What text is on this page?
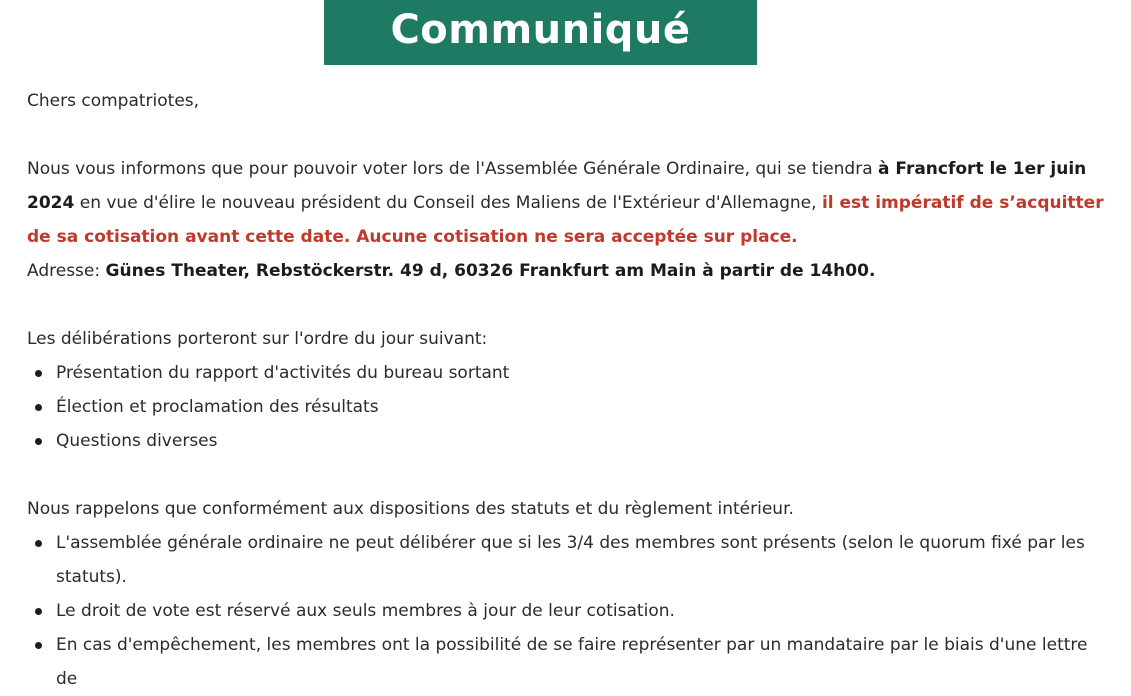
Communiqué

Chers compatriotes,

Nous vous informons que pour pouvoir voter lors de l'Assemblée Générale Ordinaire, qui se tiendra à Francfort le 1er juin 2024 en vue d'élire le nouveau président du Conseil des Maliens de l'Extérieur d'Allemagne, il est impératif de s’acquitter de sa cotisation avant cette date. Aucune cotisation ne sera acceptée sur place.

Adresse: Günes Theater, Rebstöckerstr. 49 d, 60326 Frankfurt am Main à partir de 14h00.

Les délibérations porteront sur l'ordre du jour suivant:

Présentation du rapport d'activités du bureau sortant
Élection et proclamation des résultats
Questions diverses

Nous rappelons que conformément aux dispositions des statuts et du règlement intérieur.

L'assemblée générale ordinaire ne peut délibérer que si les 3/4 des membres sont présents (selon le quorum fixé par les statuts).
Le droit de vote est réservé aux seuls membres à jour de leur cotisation.
En cas d'empêchement, les membres ont la possibilité de se faire représenter par un mandataire par le biais d'une lettre de
